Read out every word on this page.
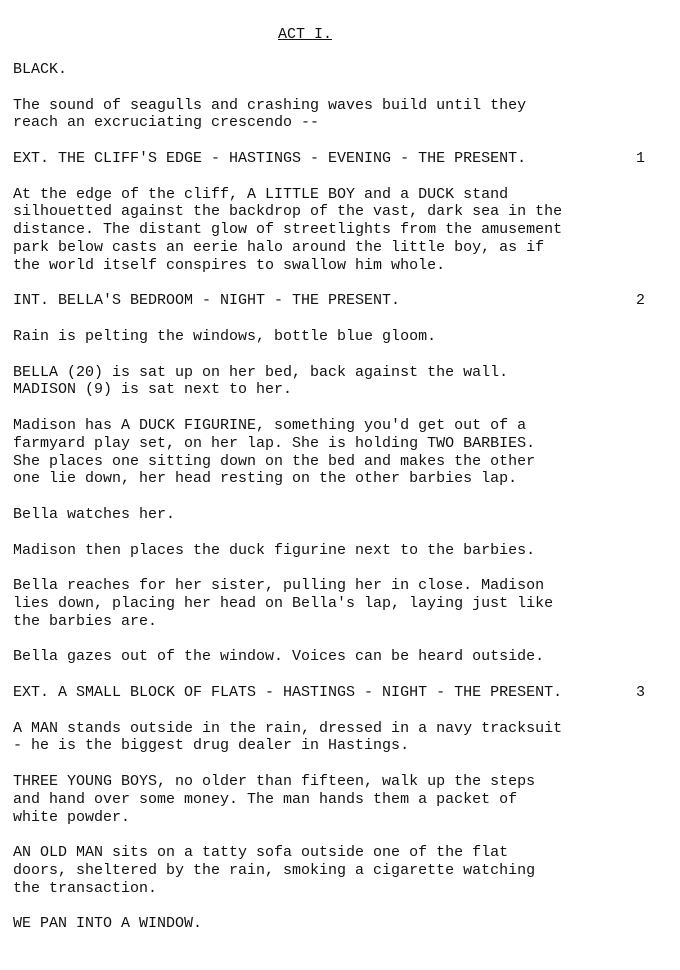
ACT I.
BLACK.
The sound of seagulls and crashing waves build until they
reach an excruciating crescendo --
EXT. THE CLIFF'S EDGE - HASTINGS - EVENING - THE PRESENT.	1
At the edge of the cliff, A LITTLE BOY and a DUCK stand
silhouetted against the backdrop of the vast, dark sea in the
distance. The distant glow of streetlights from the amusement
park below casts an eerie halo around the little boy, as if
the world itself conspires to swallow him whole.
INT. BELLA'S BEDROOM - NIGHT - THE PRESENT.	2
Rain is pelting the windows, bottle blue gloom.
BELLA (20) is sat up on her bed, back against the wall.
MADISON (9) is sat next to her.
Madison has A DUCK FIGURINE, something you'd get out of a
farmyard play set, on her lap. She is holding TWO BARBIES.
She places one sitting down on the bed and makes the other
one lie down, her head resting on the other barbies lap.
Bella watches her.
Madison then places the duck figurine next to the barbies.
Bella reaches for her sister, pulling her in close. Madison
lies down, placing her head on Bella's lap, laying just like
the barbies are.
Bella gazes out of the window. Voices can be heard outside.
EXT. A SMALL BLOCK OF FLATS - HASTINGS - NIGHT - THE PRESENT.	3
A MAN stands outside in the rain, dressed in a navy tracksuit
- he is the biggest drug dealer in Hastings.
THREE YOUNG BOYS, no older than fifteen, walk up the steps
and hand over some money. The man hands them a packet of
white powder.
AN OLD MAN sits on a tatty sofa outside one of the flat
doors, sheltered by the rain, smoking a cigarette watching
the transaction.
WE PAN INTO A WINDOW.
